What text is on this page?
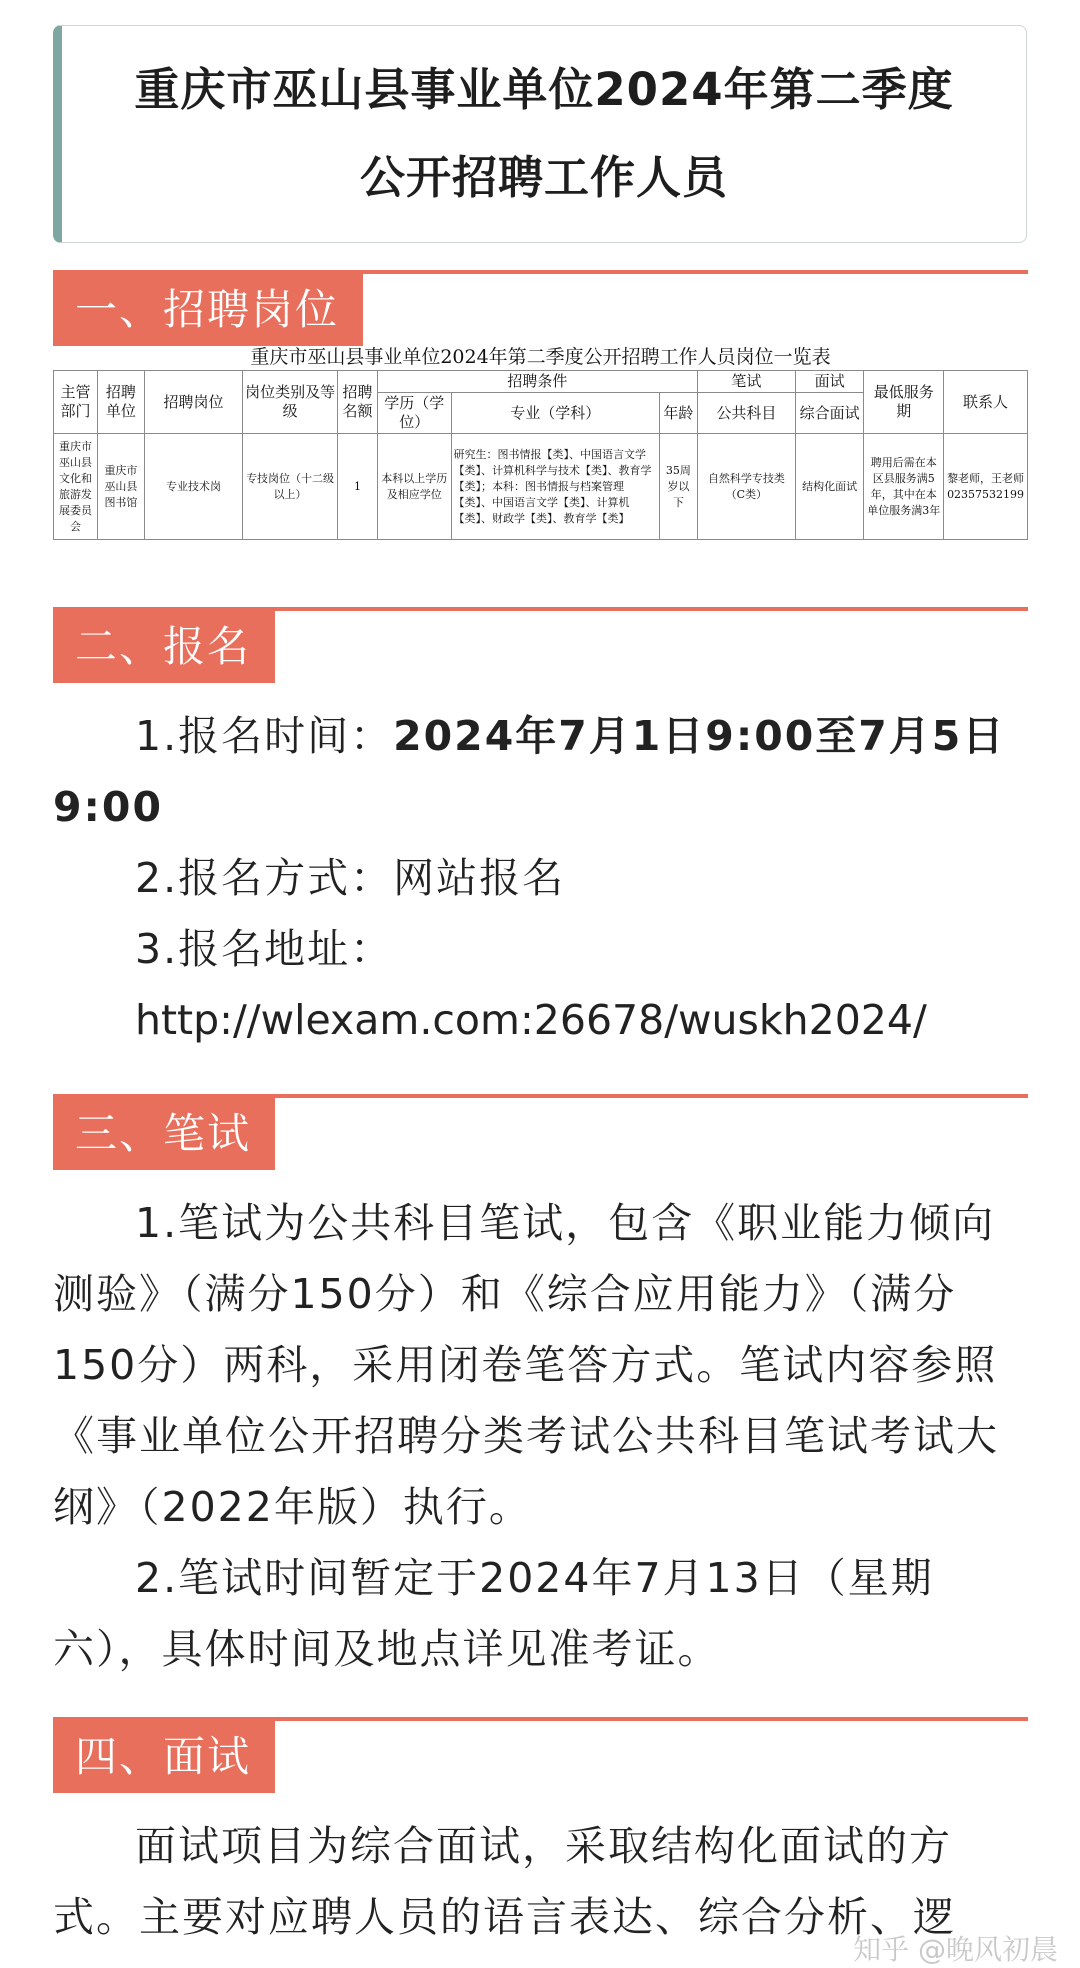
重庆市巫山县事业单位2024年第二季度
公开招聘工作人员
一、招聘岗位
重庆市巫山县事业单位2024年第二季度公开招聘工作人员岗位一览表
主管部门	招聘单位	招聘岗位	岗位类别及等级	招聘名额	招聘条件			笔试	面试	最低服务期	联系人
					学历（学位）	专业（学科）	年龄	公共科目	综合面试		
重庆市巫山县文化和旅游发展委员会	重庆市巫山县图书馆	专业技术岗	专技岗位（十二级以上）	1	本科以上学历及相应学位	研究生：图书情报【类】、中国语言文学【类】、计算机科学与技术【类】、教育学【类】；本科：图书情报与档案管理【类】、中国语言文学【类】、计算机【类】、财政学【类】、教育学【类】	35周岁以下	自然科学专技类（C类）	结构化面试	聘用后需在本区县服务满5年，其中在本单位服务满3年	黎老师，王老师 02357532199
二、报名

1.报名时间：2024年7月1日9:00至7月5日9:00

2.报名方式：网站报名

3.报名地址：

http://wlexam.com:26678/wuskh2024/

三、笔试

1.笔试为公共科目笔试，包含《职业能力倾向测验》（满分150分）和《综合应用能力》（满分150分）两科，采用闭卷笔答方式。笔试内容参照《事业单位公开招聘分类考试公共科目笔试考试大纲》（2022年版）执行。

2.笔试时间暂定于2024年7月13日（星期六），具体时间及地点详见准考证。

四、面试

面试项目为综合面试，采取结构化面试的方式。主要对应聘人员的语言表达、综合分析、逻

知乎 @晚风初晨
